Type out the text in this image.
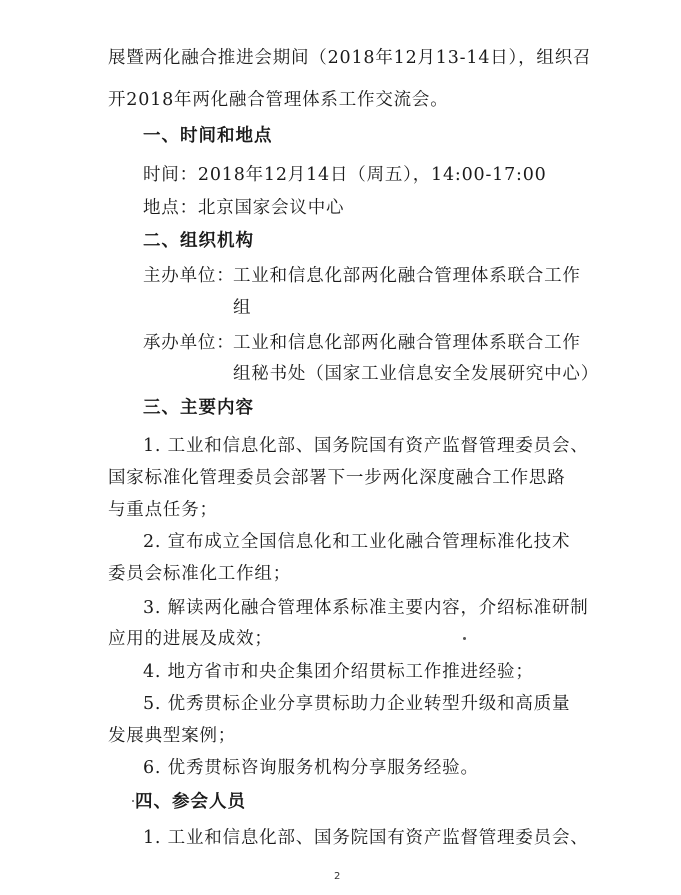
展暨两化融合推进会期间（2018年12月13-14日），组织召
开2018年两化融合管理体系工作交流会。
一、时间和地点
时间：2018年12月14日（周五），14:00-17:00
地点：北京国家会议中心
二、组织机构
主办单位：
工业和信息化部两化融合管理体系联合工作
组
承办单位：
工业和信息化部两化融合管理体系联合工作
组秘书处（国家工业信息安全发展研究中心）
三、主要内容
1. 工业和信息化部、国务院国有资产监督管理委员会、
国家标准化管理委员会部署下一步两化深度融合工作思路
与重点任务；
2. 宣布成立全国信息化和工业化融合管理标准化技术
委员会标准化工作组；
3. 解读两化融合管理体系标准主要内容，介绍标准研制
应用的进展及成效；
4. 地方省市和央企集团介绍贯标工作推进经验；
5. 优秀贯标企业分享贯标助力企业转型升级和高质量
发展典型案例；
6. 优秀贯标咨询服务机构分享服务经验。
四、参会人员
1. 工业和信息化部、国务院国有资产监督管理委员会、
2
